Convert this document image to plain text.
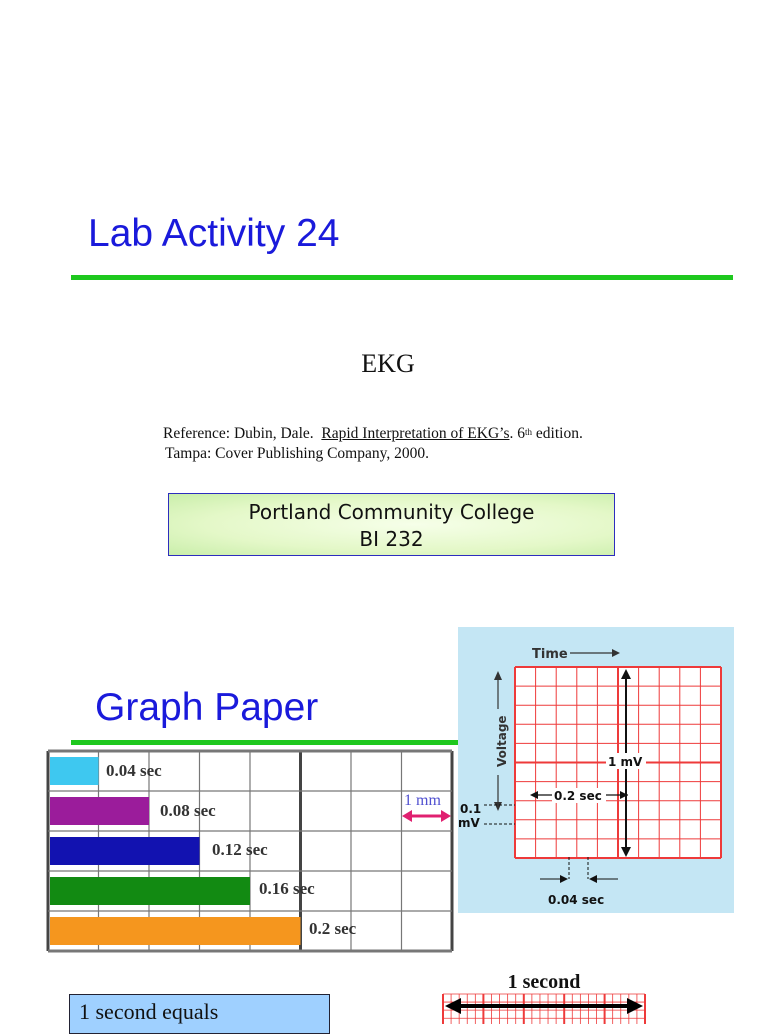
Lab Activity 24
EKG
Reference: Dubin, Dale. Rapid Interpretation of EKG’s. 6th edition.
Tampa: Cover Publishing Company, 2000.
Portland Community College
BI 232
Graph Paper
0.04 sec
0.08 sec
0.12 sec
0.16 sec
0.2 sec
1 mm
Time
Voltage	1 mV
0.2 sec
0.1
mV
0.04 sec
1 second equals
1 second
